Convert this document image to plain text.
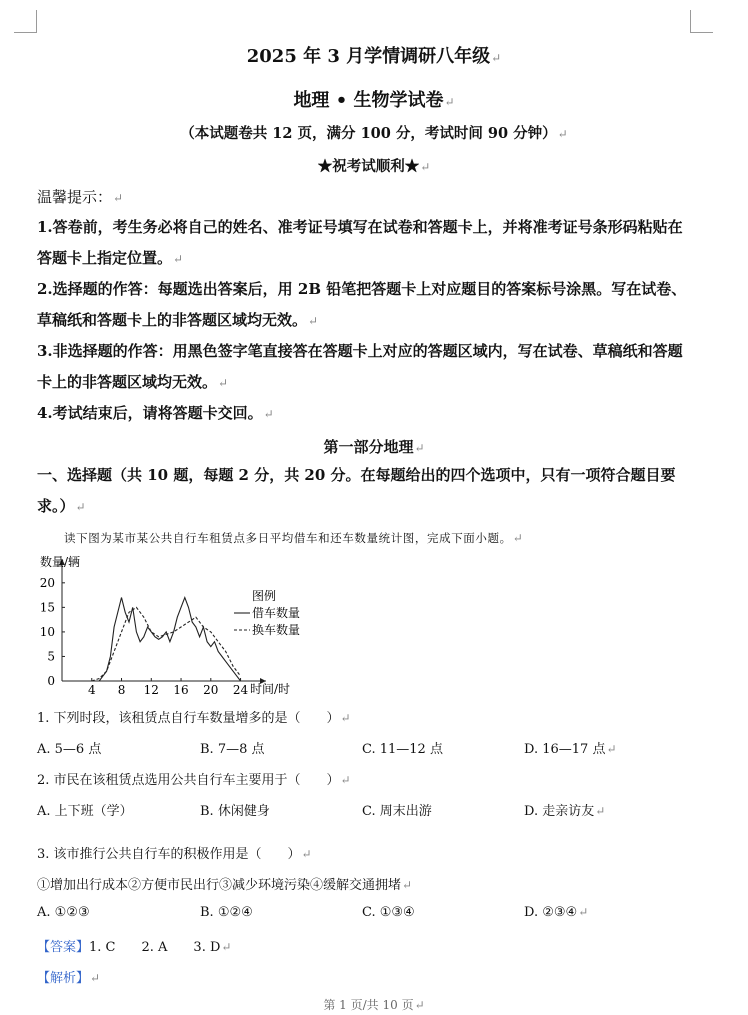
2025 年 3 月学情调研八年级↵
地理 • 生物学试卷↵
（本试题卷共 12 页，满分 100 分，考试时间 90 分钟）↵
★祝考试顺利★↵
温馨提示：↵
1.答卷前，考生务必将自己的姓名、准考证号填写在试卷和答题卡上，并将准考证号条形码粘贴在答题卡上指定位置。↵
2.选择题的作答：每题选出答案后，用 2B 铅笔把答题卡上对应题目的答案标号涂黑。写在试卷、草稿纸和答题卡上的非答题区域均无效。↵
3.非选择题的作答：用黑色签字笔直接答在答题卡上对应的答题区域内，写在试卷、草稿纸和答题卡上的非答题区域均无效。↵
4.考试结束后，请将答题卡交回。↵
第一部分地理↵
一、选择题（共 10 题，每题 2 分，共 20 分。在每题给出的四个选项中，只有一项符合题目要求。）↵
读下图为某市某公共自行车租赁点多日平均借车和还车数量统计图，完成下面小题。↵
4 8 12 16 20 24
0
5
10
15
20
图例
借车数量
换车数量
数量/辆
时间/时
1. 下列时段，该租赁点自行车数量增多的是（　　）↵
A. 5—6 点	B. 7—8 点	C. 11—12 点	D. 16—17 点↵
2. 市民在该租赁点选用公共自行车主要用于（　　）↵
A. 上下班（学）	B. 休闲健身	C. 周末出游	D. 走亲访友↵
3. 该市推行公共自行车的积极作用是（　　）↵
①增加出行成本②方便市民出行③减少环境污染④缓解交通拥堵↵
A. ①②③	B. ①②④	C. ①③④	D. ②③④↵
【答案】1. C　　2. A　　3. D↵
【解析】↵
第 1 页/共 10 页↵
